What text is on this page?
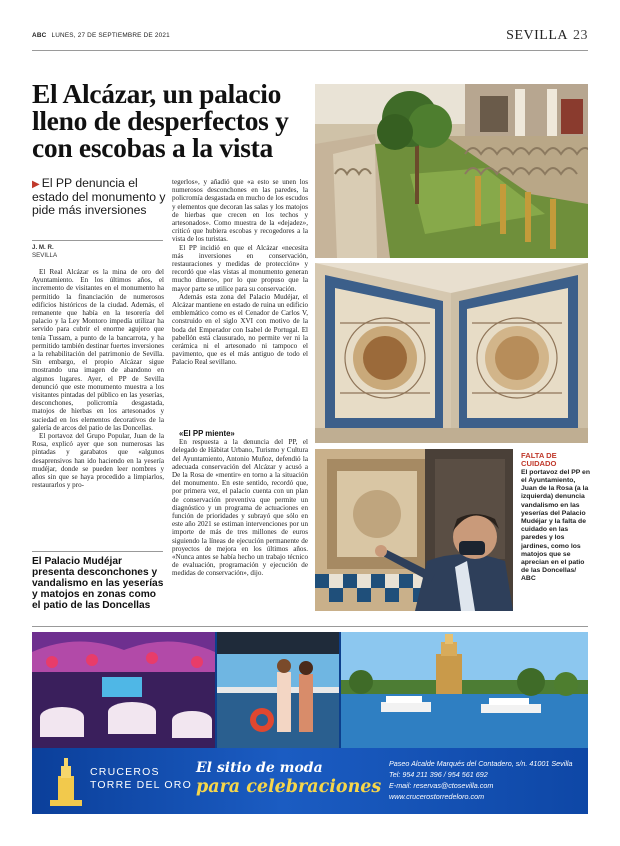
ABC LUNES, 27 DE SEPTIEMBRE DE 2021	SEVILLA 23
El Alcázar, un palacio lleno de desperfectos y con escobas a la vista
▶ El PP denuncia el estado del monumento y pide más inversiones
J. M. R.
SEVILLA

El Real Alcázar es la mina de oro del Ayuntamiento. En los últimos años, el incremento de visitantes en el monumento ha permitido la financiación de numerosos edificios históricos de la ciudad. Además, el remanente que había en la tesorería del palacio y la Ley Montoro impedía utilizar ha servido para cubrir el enorme agujero que tenía Tussam, a punto de la bancarrota, y ha permitido también destinar fuertes inversiones a la rehabilitación del patrimonio de Sevilla. Sin embargo, el propio Alcázar sigue mostrando una imagen de abandono en algunos lugares. Ayer, el PP de Sevilla denunció que este monumento muestra a los visitantes pintadas del público en las yeserías, desconchones, policromía desgastada, matojos de hierbas en los artesonados y suciedad en los elementos decorativos de la galería de arcos del patio de las Doncellas.

El portavoz del Grupo Popular, Juan de la Rosa, explicó ayer que son numerosas las pintadas y garabatos que «algunos desaprensivos han ido haciendo en la yesería mudéjar, donde se pueden leer nombres y años sin que se haya procedido a limpiarlos, restaurarlos y pro-

El Palacio Mudéjar presenta desconchones y vandalismo en las yeserías y matojos en zonas como el patio de las Doncellas

tegerlos», y añadió que «a esto se unen los numerosos desconchones en las paredes, la policromía desgastada en mucho de los escudos y elementos que decoran las salas y los matojos de hierbas que crecen en los techos y artesonados». Como muestra de la «dejadez», criticó que hubiera escobas y recogedores a la vista de los turistas.

El PP incidió en que el Alcázar «necesita más inversiones en conservación, restauraciones y medidas de protección» y recordó que «las vistas al monumento generan mucho dinero», por lo que propuso que la mayor parte se utilice para su conservación.

Además esta zona del Palacio Mudéjar, el Alcázar mantiene en estado de ruina un edificio emblemático como es el Cenador de Carlos V, construido en el siglo XVI con motivo de la boda del Emperador con Isabel de Portugal. El pabellón está clausurado, no permite ver ni la cerámica ni el artesonado ni tampoco el pavimento, que es el más antiguo de todo el Palacio Real sevillano.

«El PP miente»

En respuesta a la denuncia del PP, el delegado de Hábitat Urbano, Turismo y Cultura del Ayuntamiento, Antonio Muñoz, defendió la adecuada conservación del Alcázar y acusó a De la Rosa de «mentir» en torno a la situación del monumento. En este sentido, recordó que, por primera vez, el palacio cuenta con un plan de conservación preventiva que permite un diagnóstico y un programa de actuaciones en función de prioridades y subrayó que sólo en este año 2021 se estiman intervenciones por un importe de más de tres millones de euros siguiendo la líneas de ejecución permanente de proyectos de mejora en los últimos años. «Nunca antes se había hecho un trabajo técnico de evaluación, programación y ejecución de medidas de conservación», dijo.

FALTA DE CUIDADO
El portavoz del PP en el Ayuntamiento, Juan de la Rosa (a la izquierda) denuncia vandalismo en las yeserías del Palacio Mudéjar y la falta de cuidado en las paredes y los jardines, como los matojos que se aprecian en el patio de las Doncellas/ ABC
CRUCEROS
TORRE DEL ORO
El sitio de moda
para celebraciones
Paseo Alcalde Marqués del Contadero, s/n. 41001 Sevilla
Tel: 954 211 396 / 954 561 692
E-mail: reservas@ctosevilla.com
www.crucerostorredeloro.com
